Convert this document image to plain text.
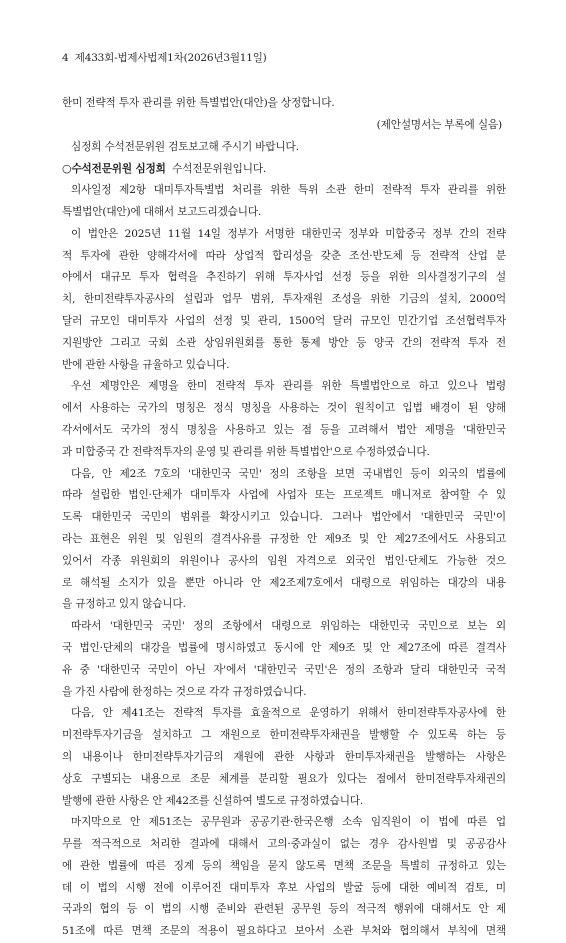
4 제433회-법제사법제1차(2026년3월11일)
한미 전략적 투자 관리를 위한 특별법안(대안)을 상정합니다.
(제안설명서는 부록에 실음)
심정희 수석전문위원 검토보고해 주시기 바랍니다.
○수석전문위원 심정희  수석전문위원입니다.
의사일정 제2항 대미투자특별법 처리를 위한 특위 소관 한미 전략적 투자 관리를 위한
특별법안(대안)에 대해서 보고드리겠습니다.
이 법안은 2025년 11월 14일 정부가 서명한 대한민국 정부와 미합중국 정부 간의 전략
적 투자에 관한 양해각서에 따라 상업적 합리성을 갖춘 조선·반도체 등 전략적 산업 분
야에서 대규모 투자 협력을 추진하기 위해 투자사업 선정 등을 위한 의사결정기구의 설
치, 한미전략투자공사의 설립과 업무 범위, 투자재원 조성을 위한 기금의 설치, 2000억
달러 규모인 대미투자 사업의 선정 및 관리, 1500억 달러 규모인 민간기업 조선협력투자
지원방안 그리고 국회 소관 상임위원회를 통한 통제 방안 등 양국 간의 전략적 투자 전
반에 관한 사항을 규율하고 있습니다.
우선 제명안은 제명을 한미 전략적 투자 관리를 위한 특별법안으로 하고 있으나 법령
에서 사용하는 국가의 명칭은 정식 명칭을 사용하는 것이 원칙이고 입법 배경이 된 양해
각서에서도 국가의 정식 명칭을 사용하고 있는 점 등을 고려해서 법안 제명을 '대한민국
과 미합중국 간 전략적투자의 운영 및 관리를 위한 특별법안'으로 수정하였습니다.
다음, 안 제2조 7호의 '대한민국 국민' 정의 조항을 보면 국내법인 등이 외국의 법률에
따라 설립한 법인·단체가 대미투자 사업에 사업자 또는 프로젝트 매니저로 참여할 수 있
도록 대한민국 국민의 범위를 확장시키고 있습니다. 그러나 법안에서 '대한민국 국민'이
라는 표현은 위원 및 임원의 결격사유를 규정한 안 제9조 및 안 제27조에서도 사용되고
있어서 각종 위원회의 위원이나 공사의 임원 자격으로 외국인 법인·단체도 가능한 것으
로 해석될 소지가 있을 뿐만 아니라 안 제2조제7호에서 대령으로 위임하는 대강의 내용
을 규정하고 있지 않습니다.
따라서 '대한민국 국민' 정의 조항에서 대령으로 위임하는 대한민국 국민으로 보는 외
국 법인·단체의 대강을 법률에 명시하였고 동시에 안 제9조 및 안 제27조에 따른 결격사
유 중 '대한민국 국민이 아닌 자'에서 '대한민국 국민'은 정의 조항과 달리 대한민국 국적
을 가진 사람에 한정하는 것으로 각각 규정하였습니다.
다음, 안 제41조는 전략적 투자를 효율적으로 운영하기 위해서 한미전략투자공사에 한
미전략투자기금을 설치하고 그 재원으로 한미전략투자채권을 발행할 수 있도록 하는 등
의 내용이나 한미전략투자기금의 재원에 관한 사항과 한미투자채권을 발행하는 사항은
상호 구별되는 내용으로 조문 체계를 분리할 필요가 있다는 점에서 한미전략투자채권의
발행에 관한 사항은 안 제42조를 신설하여 별도로 규정하였습니다.
마지막으로 안 제51조는 공무원과 공공기관·한국은행 소속 임직원이 이 법에 따른 업
무를 적극적으로 처리한 결과에 대해서 고의·중과실이 없는 경우 감사원법 및 공공감사
에 관한 법률에 따른 징계 등의 책임을 묻지 않도록 면책 조문을 특별히 규정하고 있는
데 이 법의 시행 전에 이루어진 대미투자 후보 사업의 발굴 등에 대한 예비적 검토, 미
국과의 협의 등 이 법의 시행 준비와 관련된 공무원 등의 적극적 행위에 대해서도 안 제
51조에 따른 면책 조문의 적용이 필요하다고 보아서 소관 부처와 협의해서 부칙에 면책
